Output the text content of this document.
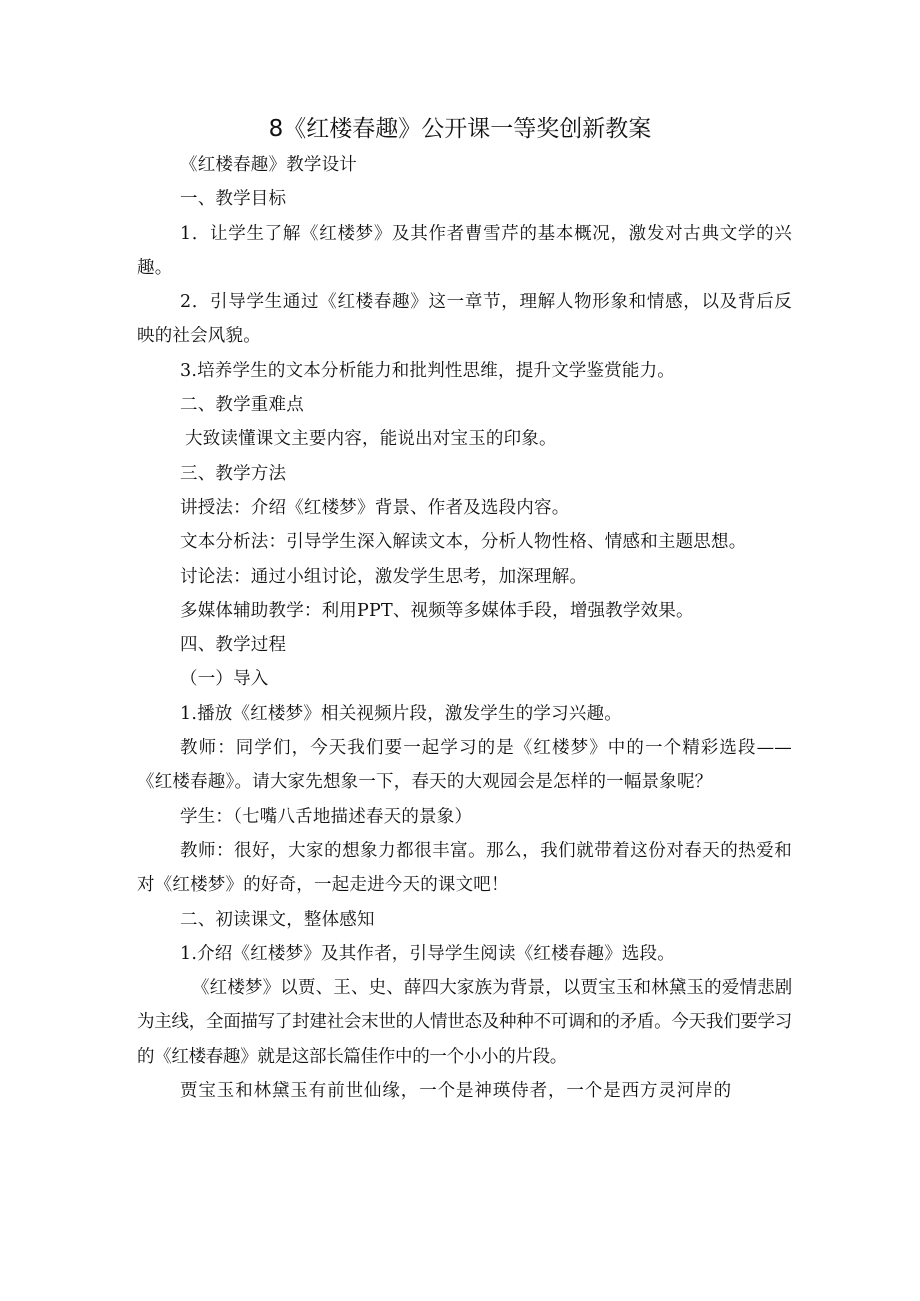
8《红楼春趣》公开课一等奖创新教案

《红楼春趣》教学设计

一、教学目标

1．让学生了解《红楼梦》及其作者曹雪芹的基本概况，激发对古典文学的兴趣。

2．引导学生通过《红楼春趣》这一章节，理解人物形象和情感，以及背后反映的社会风貌。

3.培养学生的文本分析能力和批判性思维，提升文学鉴赏能力。

二、教学重难点

大致读懂课文主要内容，能说出对宝玉的印象。

三、教学方法

讲授法：介绍《红楼梦》背景、作者及选段内容。

文本分析法：引导学生深入解读文本，分析人物性格、情感和主题思想。

讨论法：通过小组讨论，激发学生思考，加深理解。

多媒体辅助教学：利用PPT、视频等多媒体手段，增强教学效果。

四、教学过程

（一）导入

1.播放《红楼梦》相关视频片段，激发学生的学习兴趣。

教师：同学们，今天我们要一起学习的是《红楼梦》中的一个精彩选段——《红楼春趣》。请大家先想象一下，春天的大观园会是怎样的一幅景象呢？

学生：（七嘴八舌地描述春天的景象）

教师：很好，大家的想象力都很丰富。那么，我们就带着这份对春天的热爱和对《红楼梦》的好奇，一起走进今天的课文吧！

二、初读课文，整体感知

1.介绍《红楼梦》及其作者，引导学生阅读《红楼春趣》选段。

《红楼梦》以贾、王、史、薛四大家族为背景，以贾宝玉和林黛玉的爱情悲剧为主线，全面描写了封建社会末世的人情世态及种种不可调和的矛盾。今天我们要学习的《红楼春趣》就是这部长篇佳作中的一个小小的片段。

贾宝玉和林黛玉有前世仙缘，一个是神瑛侍者，一个是西方灵河岸的
